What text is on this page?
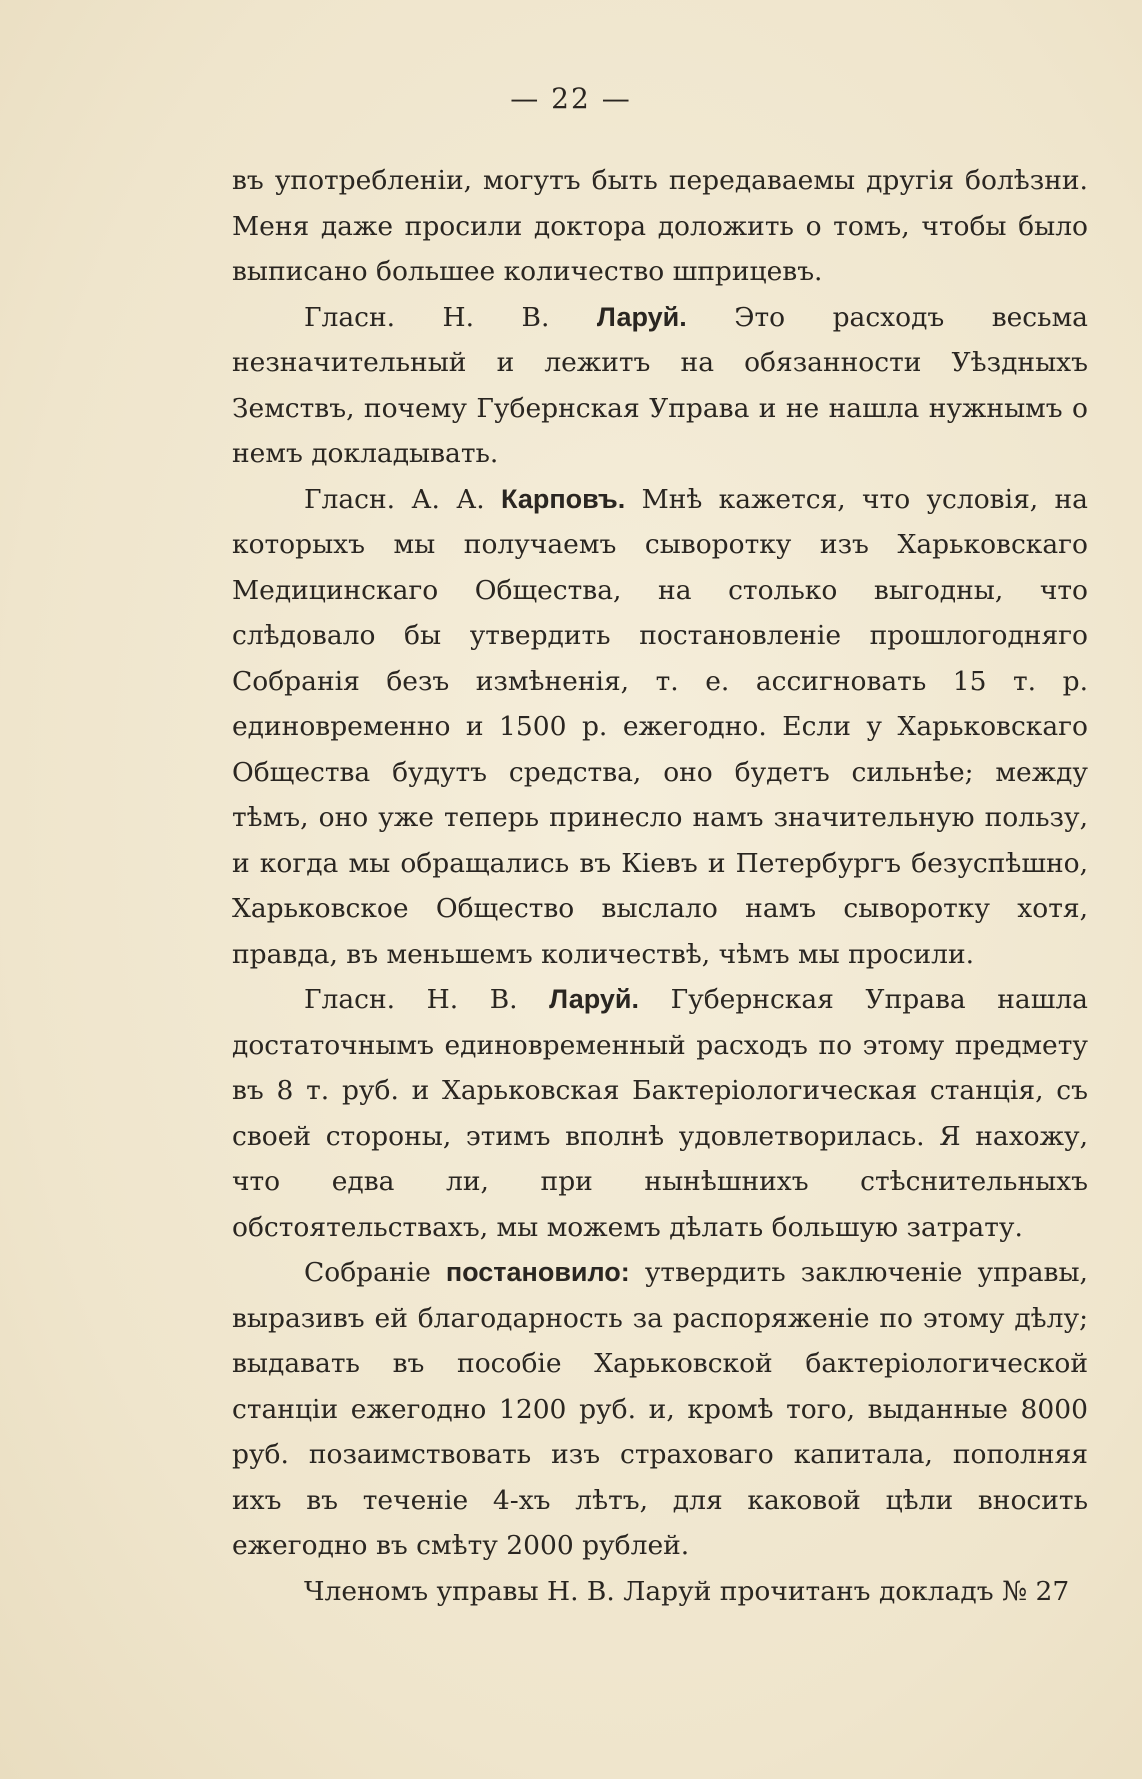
— 22 —

въ употребленіи, могутъ быть передаваемы другія болѣзни. Меня даже просили доктора доложить о томъ, чтобы было выписано большее количество шприцевъ.

Гласн. Н. В. Ларуй. Это расходъ весьма незначительный и лежитъ на обязанности Уѣздныхъ Земствъ, почему Губернская Управа и не нашла нужнымъ о немъ докладывать.

Гласн. А. А. Карповъ. Мнѣ кажется, что условія, на которыхъ мы получаемъ сыворотку изъ Харьковскаго Медицинскаго Общества, на столько выгодны, что слѣдовало бы утвердить постановленіе прошлогодняго Собранія безъ измѣненія, т. е. ассигновать 15 т. р. единовременно и 1500 р. ежегодно. Если у Харьковскаго Общества будутъ средства, оно будетъ сильнѣе; между тѣмъ, оно уже теперь принесло намъ значительную пользу, и когда мы обращались въ Кіевъ и Петербургъ безуспѣшно, Харьковское Общество выслало намъ сыворотку хотя, правда, въ меньшемъ количествѣ, чѣмъ мы просили.

Гласн. Н. В. Ларуй. Губернская Управа нашла достаточнымъ единовременный расходъ по этому предмету въ 8 т. руб. и Харьковская Бактеріологическая станція, съ своей стороны, этимъ вполнѣ удовлетворилась. Я нахожу, что едва ли, при нынѣшнихъ стѣснительныхъ обстоятельствахъ, мы можемъ дѣлать большую затрату.

Собраніе постановило: утвердить заключеніе управы, выразивъ ей благодарность за распоряженіе по этому дѣлу; выдавать въ пособіе Харьковской бактеріологической станціи ежегодно 1200 руб. и, кромѣ того, выданные 8000 руб. позаимствовать изъ страховаго капитала, пополняя ихъ въ теченіе 4-хъ лѣтъ, для каковой цѣли вносить ежегодно въ смѣту 2000 рублей.

Членомъ управы Н. В. Ларуй прочитанъ докладъ № 27
